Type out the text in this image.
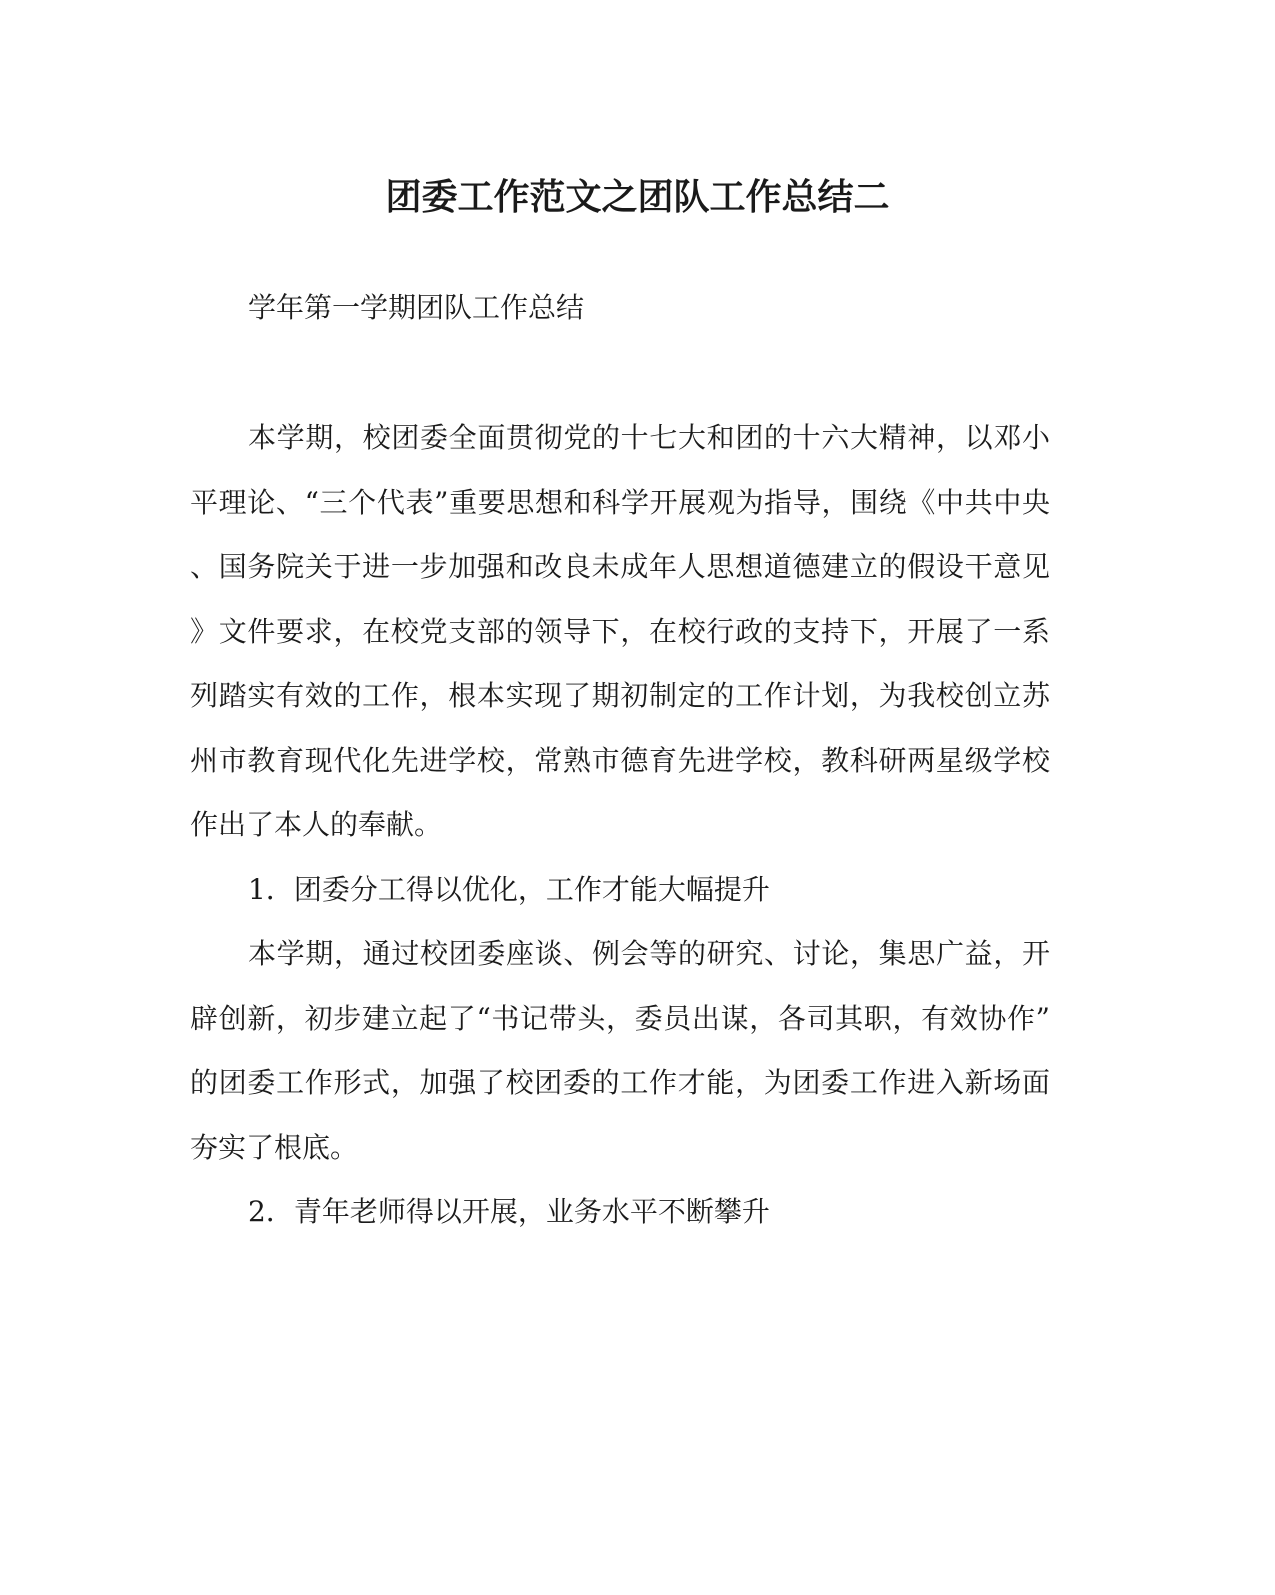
团委工作范文之团队工作总结二
学年第一学期团队工作总结
本学期，校团委全面贯彻党的十七大和团的十六大精神，以邓小
平理论、“三个代表”重要思想和科学开展观为指导，围绕《中共中央
、国务院关于进一步加强和改良未成年人思想道德建立的假设干意见
》文件要求，在校党支部的领导下，在校行政的支持下，开展了一系
列踏实有效的工作，根本实现了期初制定的工作计划，为我校创立苏
州市教育现代化先进学校，常熟市德育先进学校，教科研两星级学校
作出了本人的奉献。
1．团委分工得以优化，工作才能大幅提升
本学期，通过校团委座谈、例会等的研究、讨论，集思广益，开
辟创新，初步建立起了“书记带头，委员出谋，各司其职，有效协作”
的团委工作形式，加强了校团委的工作才能，为团委工作进入新场面
夯实了根底。
2．青年老师得以开展，业务水平不断攀升
